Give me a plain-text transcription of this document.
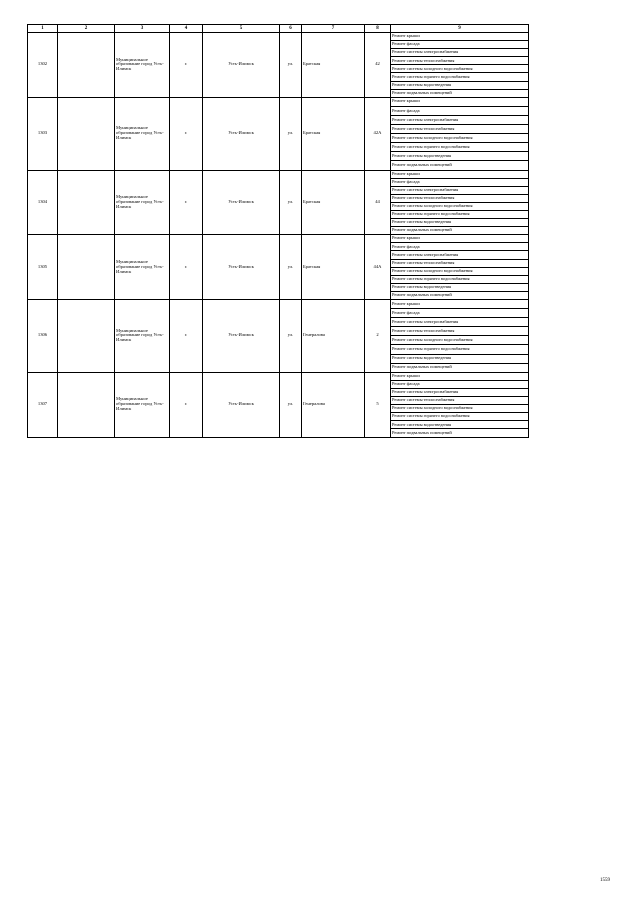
1	2	3	4	5	6	7	8	9
1302		Муниципальное образование город Усть-Илимск	г.	Усть-Илимск	ул.	Братская	42	Ремонт крыши
								Ремонт фасада
								Ремонт системы электроснабжения
								Ремонт системы теплоснабжения
								Ремонт системы холодного водоснабжения
								Ремонт системы горячего водоснабжения
								Ремонт системы водоотведения
								Ремонт подвальных помещений
1303		Муниципальное образование город Усть-Илимск	г.	Усть-Илимск	ул.	Братская	42А	Ремонт крыши
								Ремонт фасада
								Ремонт системы электроснабжения
								Ремонт системы теплоснабжения
								Ремонт системы холодного водоснабжения
								Ремонт системы горячего водоснабжения
								Ремонт системы водоотведения
								Ремонт подвальных помещений
1304		Муниципальное образование город Усть-Илимск	г.	Усть-Илимск	ул.	Братская	44	Ремонт крыши
								Ремонт фасада
								Ремонт системы электроснабжения
								Ремонт системы теплоснабжения
								Ремонт системы холодного водоснабжения
								Ремонт системы горячего водоснабжения
								Ремонт системы водоотведения
								Ремонт подвальных помещений
1305		Муниципальное образование город Усть-Илимск	г.	Усть-Илимск	ул.	Братская	44А	Ремонт крыши
								Ремонт фасада
								Ремонт системы электроснабжения
								Ремонт системы теплоснабжения
								Ремонт системы холодного водоснабжения
								Ремонт системы горячего водоснабжения
								Ремонт системы водоотведения
								Ремонт подвальных помещений
1306		Муниципальное образование город Усть-Илимск	г.	Усть-Илимск	ул.	Генералова	2	Ремонт крыши
								Ремонт фасада
								Ремонт системы электроснабжения
								Ремонт системы теплоснабжения
								Ремонт системы холодного водоснабжения
								Ремонт системы горячего водоснабжения
								Ремонт системы водоотведения
								Ремонт подвальных помещений
1307		Муниципальное образование город Усть-Илимск	г.	Усть-Илимск	ул.	Генералова	5	Ремонт крыши
								Ремонт фасада
								Ремонт системы электроснабжения
								Ремонт системы теплоснабжения
								Ремонт системы холодного водоснабжения
								Ремонт системы горячего водоснабжения
								Ремонт системы водоотведения
								Ремонт подвальных помещений
1559
